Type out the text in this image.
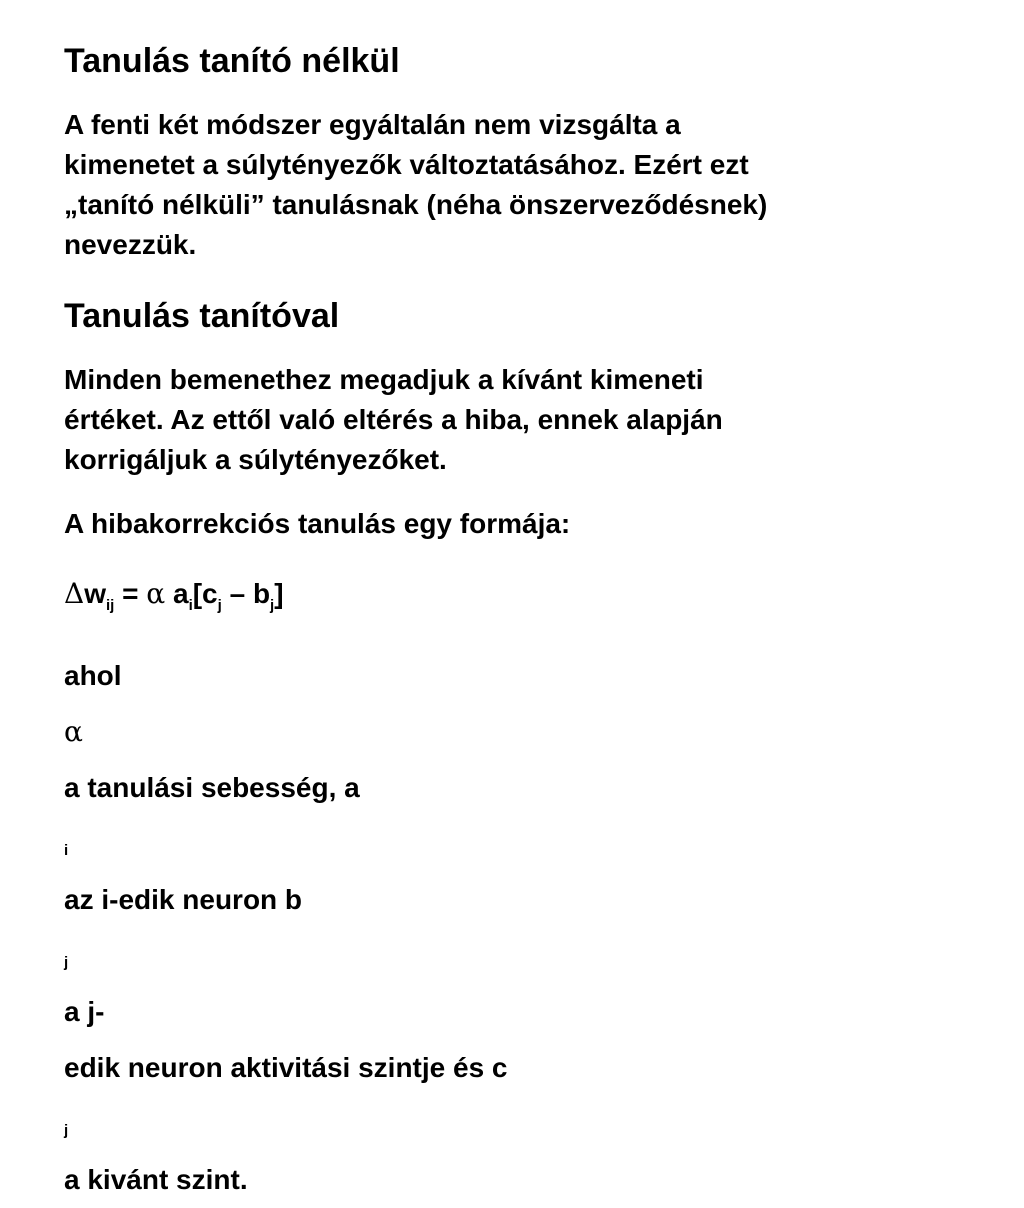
Tanulás tanító nélkül

A fenti két módszer egyáltalán nem vizsgálta a
kimenetet a súlytényezők változtatásához. Ezért ezt
„tanító nélküli” tanulásnak (néha önszerveződésnek)
nevezzük.

Tanulás tanítóval

Minden bemenethez megadjuk a kívánt kimeneti
értéket. Az ettől való eltérés a hiba, ennek alapján
korrigáljuk a súlytényezőket.

A hibakorrekciós tanulás egy formája:

$\Delta w_{ij} = \alpha$ $a_i[c_j - b_j]$

ahol
α
a tanulási sebesség, a
i
az i-edik neuron b
j
a j-
edik neuron aktivitási szintje és c
j
a kivánt szint.
